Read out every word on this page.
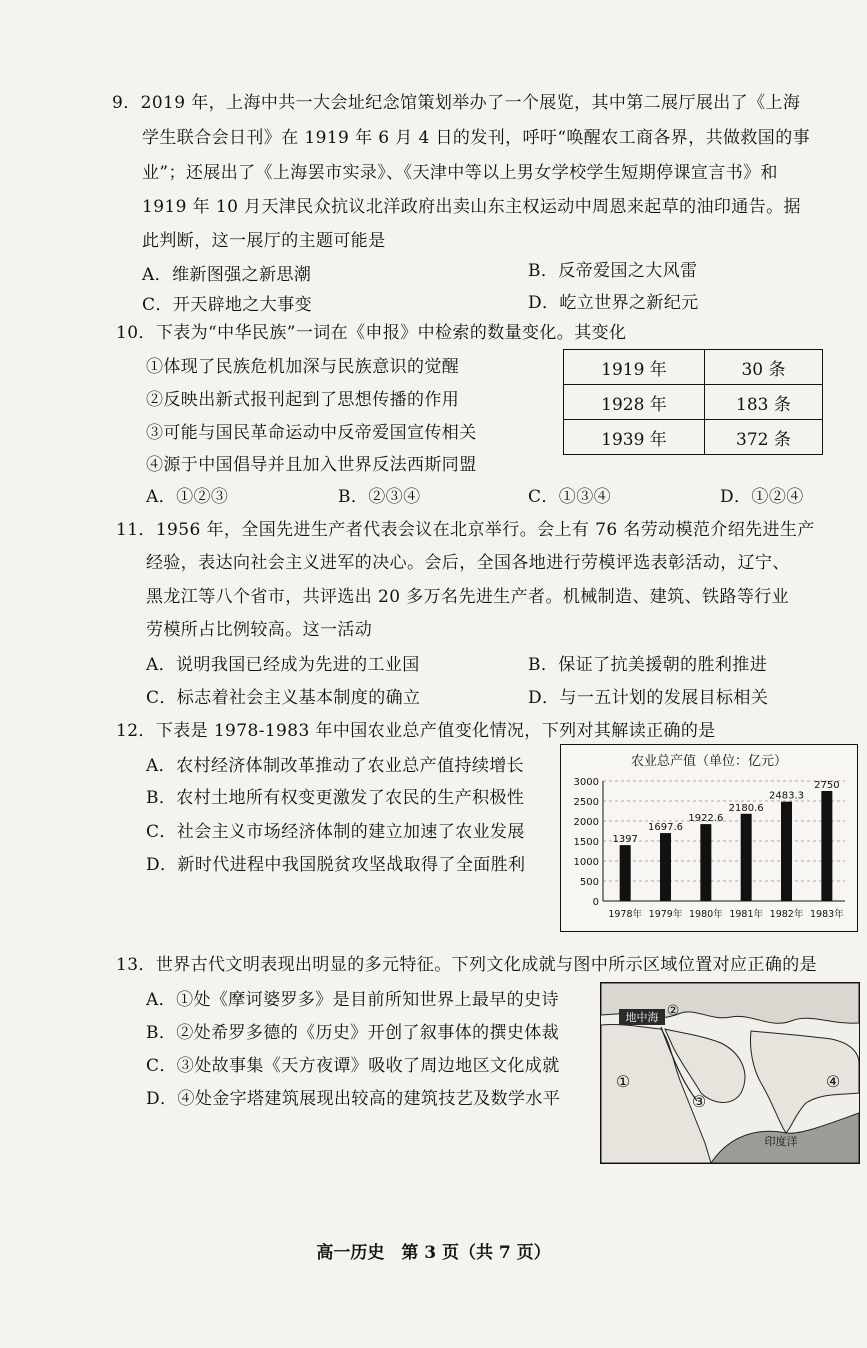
9．2019 年，上海中共一大会址纪念馆策划举办了一个展览，其中第二展厅展出了《上海
学生联合会日刊》在 1919 年 6 月 4 日的发刊，呼吁“唤醒农工商各界，共做救国的事
业”；还展出了《上海罢市实录》、《天津中等以上男女学校学生短期停课宣言书》和
1919 年 10 月天津民众抗议北洋政府出卖山东主权运动中周恩来起草的油印通告。据
此判断，这一展厅的主题可能是
A．维新图强之新思潮	B．反帝爱国之大风雷
C．开天辟地之大事变	D．屹立世界之新纪元
10．下表为“中华民族”一词在《申报》中检索的数量变化。其变化
①体现了民族危机加深与民族意识的觉醒
②反映出新式报刊起到了思想传播的作用
③可能与国民革命运动中反帝爱国宣传相关
④源于中国倡导并且加入世界反法西斯同盟
1919 年	30 条
1928 年	183 条
1939 年	372 条
A．①②③	B．②③④	C．①③④	D．①②④
11．1956 年，全国先进生产者代表会议在北京举行。会上有 76 名劳动模范介绍先进生产
经验，表达向社会主义进军的决心。会后，全国各地进行劳模评选表彰活动，辽宁、
黑龙江等八个省市，共评选出 20 多万名先进生产者。机械制造、建筑、铁路等行业
劳模所占比例较高。这一活动
A．说明我国已经成为先进的工业国	B．保证了抗美援朝的胜利推进
C．标志着社会主义基本制度的确立	D．与一五计划的发展目标相关
12．下表是 1978-1983 年中国农业总产值变化情况，下列对其解读正确的是
A．农村经济体制改革推动了农业总产值持续增长
B．农村土地所有权变更激发了农民的生产积极性
C．社会主义市场经济体制的建立加速了农业发展
D．新时代进程中我国脱贫攻坚战取得了全面胜利
农业总产值（单位：亿元）
0
500
1000
1500
2000
2500
3000
1397
1978年
1697.6
1979年
1922.6
1980年
2180.6
1981年
2483.3
1982年
2750
1983年
13．世界古代文明表现出明显的多元特征。下列文化成就与图中所示区域位置对应正确的是
A．①处《摩诃婆罗多》是目前所知世界上最早的史诗
B．②处希罗多德的《历史》开创了叙事体的撰史体裁
C．③处故事集《天方夜谭》吸收了周边地区文化成就
D．④处金字塔建筑展现出较高的建筑技艺及数学水平
地中海
印度洋
①
②
③
④
高一历史　第 3 页（共 7 页）
